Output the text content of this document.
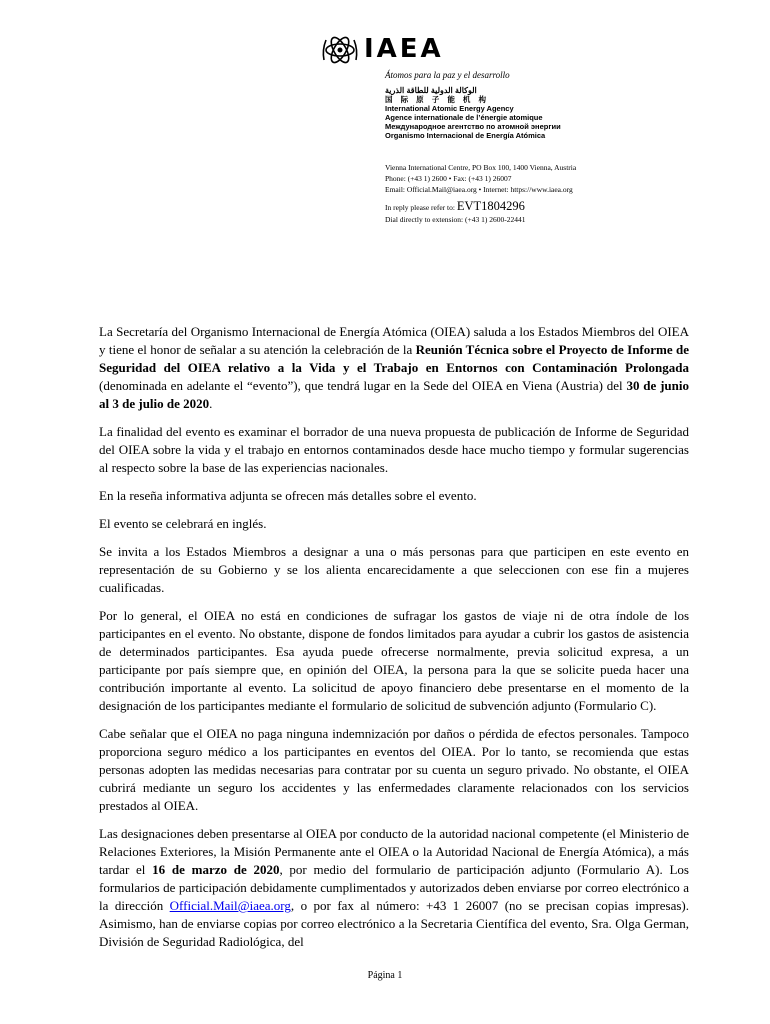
IAEA
Átomos para la paz y el desarrollo
الوكالة الدولية للطاقة الذرية
国 际 原 子 能 机 构
International Atomic Energy Agency
Agence internationale de l’énergie atomique
Международное агентство по атомной энергии
Organismo Internacional de Energía Atómica
Vienna International Centre, PO Box 100, 1400 Vienna, Austria
Phone: (+43 1) 2600 • Fax: (+43 1) 26007
Email: Official.Mail@iaea.org • Internet: https://www.iaea.org
In reply please refer to: EVT1804296
Dial directly to extension: (+43 1) 2600-22441

La Secretaría del Organismo Internacional de Energía Atómica (OIEA) saluda a los Estados Miembros del OIEA y tiene el honor de señalar a su atención la celebración de la Reunión Técnica sobre el Proyecto de Informe de Seguridad del OIEA relativo a la Vida y el Trabajo en Entornos con Contaminación Prolongada (denominada en adelante el “evento”), que tendrá lugar en la Sede del OIEA en Viena (Austria) del 30 de junio al 3 de julio de 2020.

La finalidad del evento es examinar el borrador de una nueva propuesta de publicación de Informe de Seguridad del OIEA sobre la vida y el trabajo en entornos contaminados desde hace mucho tiempo y formular sugerencias al respecto sobre la base de las experiencias nacionales.

En la reseña informativa adjunta se ofrecen más detalles sobre el evento.

El evento se celebrará en inglés.

Se invita a los Estados Miembros a designar a una o más personas para que participen en este evento en representación de su Gobierno y se los alienta encarecidamente a que seleccionen con ese fin a mujeres cualificadas.

Por lo general, el OIEA no está en condiciones de sufragar los gastos de viaje ni de otra índole de los participantes en el evento. No obstante, dispone de fondos limitados para ayudar a cubrir los gastos de asistencia de determinados participantes. Esa ayuda puede ofrecerse normalmente, previa solicitud expresa, a un participante por país siempre que, en opinión del OIEA, la persona para la que se solicite pueda hacer una contribución importante al evento. La solicitud de apoyo financiero debe presentarse en el momento de la designación de los participantes mediante el formulario de solicitud de subvención adjunto (Formulario C).

Cabe señalar que el OIEA no paga ninguna indemnización por daños o pérdida de efectos personales. Tampoco proporciona seguro médico a los participantes en eventos del OIEA. Por lo tanto, se recomienda que estas personas adopten las medidas necesarias para contratar por su cuenta un seguro privado. No obstante, el OIEA cubrirá mediante un seguro los accidentes y las enfermedades claramente relacionados con los servicios prestados al OIEA.

Las designaciones deben presentarse al OIEA por conducto de la autoridad nacional competente (el Ministerio de Relaciones Exteriores, la Misión Permanente ante el OIEA o la Autoridad Nacional de Energía Atómica), a más tardar el 16 de marzo de 2020, por medio del formulario de participación adjunto (Formulario A). Los formularios de participación debidamente cumplimentados y autorizados deben enviarse por correo electrónico a la dirección Official.Mail@iaea.org, o por fax al número: +43 1 26007 (no se precisan copias impresas). Asimismo, han de enviarse copias por correo electrónico a la Secretaria Científica del evento, Sra. Olga German, División de Seguridad Radiológica, del

Página 1
